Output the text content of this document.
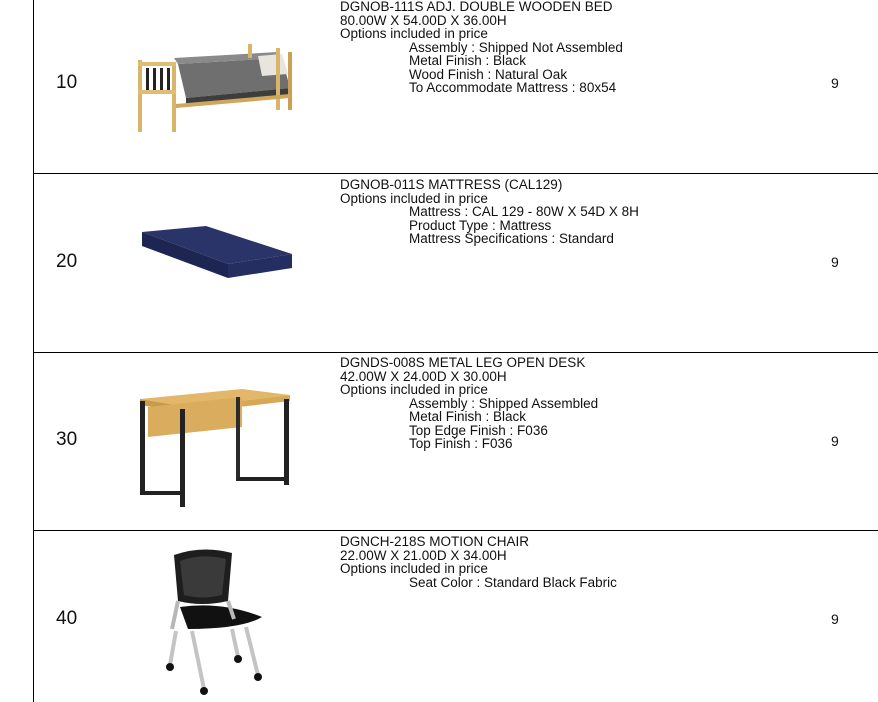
10
DGNOB-111S ADJ. DOUBLE WOODEN BED
80.00W X 54.00D X 36.00H
Options included in price
Assembly : Shipped Not Assembled
Metal Finish : Black
Wood Finish : Natural Oak
To Accommodate Mattress : 80x54	9
20
DGNOB-011S MATTRESS (CAL129)
Options included in price
Mattress : CAL 129 - 80W X 54D X 8H
Product Type : Mattress
Mattress Specifications : Standard
9
30
DGNDS-008S METAL LEG OPEN DESK
42.00W X 24.00D X 30.00H
Options included in price
Assembly : Shipped Assembled
Metal Finish : Black
Top Edge Finish : F036
Top Finish : F036	9
40
DGNCH-218S MOTION CHAIR
22.00W X 21.00D X 34.00H
Options included in price
Seat Color : Standard Black Fabric
9
